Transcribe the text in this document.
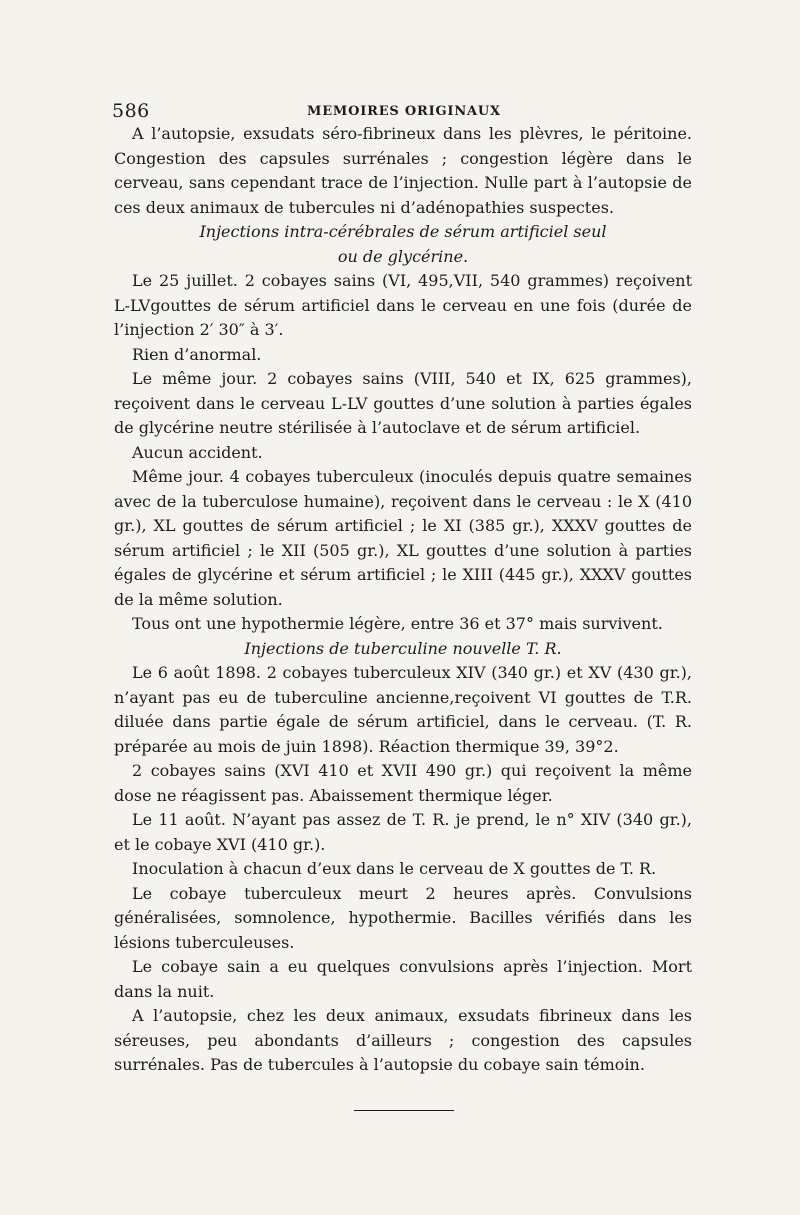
586	MEMOIRES ORIGINAUX

A l’autopsie, exsudats séro-fibrineux dans les plèvres, le péritoine. Congestion des capsules surrénales ; congestion légère dans le cerveau, sans cependant trace de l’injection. Nulle part à l’autopsie de ces deux animaux de tubercules ni d’adénopathies suspectes.

Injections intra-cérébrales de sérum artificiel seul
ou de glycérine.

Le 25 juillet. 2 cobayes sains (VI, 495,VII, 540 grammes) reçoivent L-LVgouttes de sérum artificiel dans le cerveau en une fois (durée de l’injection 2′ 30″ à 3′.

Rien d’anormal.

Le même jour. 2 cobayes sains (VIII, 540 et IX, 625 grammes), reçoivent dans le cerveau L-LV gouttes d’une solution à parties égales de glycérine neutre stérilisée à l’autoclave et de sérum artificiel.

Aucun accident.

Même jour. 4 cobayes tuberculeux (inoculés depuis quatre semaines avec de la tuberculose humaine), reçoivent dans le cerveau : le X (410 gr.), XL gouttes de sérum artificiel ; le XI (385 gr.), XXXV gouttes de sérum artificiel ; le XII (505 gr.), XL gouttes d’une solution à parties égales de glycérine et sérum artificiel ; le XIII (445 gr.), XXXV gouttes de la même solution.

Tous ont une hypothermie légère, entre 36 et 37° mais survivent.

Injections de tuberculine nouvelle T. R.

Le 6 août 1898. 2 cobayes tuberculeux XIV (340 gr.) et XV (430 gr.), n’ayant pas eu de tuberculine ancienne,reçoivent VI gouttes de T.R. diluée dans partie égale de sérum artificiel, dans le cerveau. (T. R. préparée au mois de juin 1898). Réaction thermique 39, 39°2.

2 cobayes sains (XVI 410 et XVII 490 gr.) qui reçoivent la même dose ne réagissent pas. Abaissement thermique léger.

Le 11 août. N’ayant pas assez de T. R. je prend, le n° XIV (340 gr.), et le cobaye XVI (410 gr.).

Inoculation à chacun d’eux dans le cerveau de X gouttes de T. R.

Le cobaye tuberculeux meurt 2 heures après. Convulsions généralisées, somnolence, hypothermie. Bacilles vérifiés dans les lésions tuberculeuses.

Le cobaye sain a eu quelques convulsions après l’injection. Mort dans la nuit.

A l’autopsie, chez les deux animaux, exsudats fibrineux dans les séreuses, peu abondants d’ailleurs ; congestion des capsules surrénales. Pas de tubercules à l’autopsie du cobaye sain témoin.
